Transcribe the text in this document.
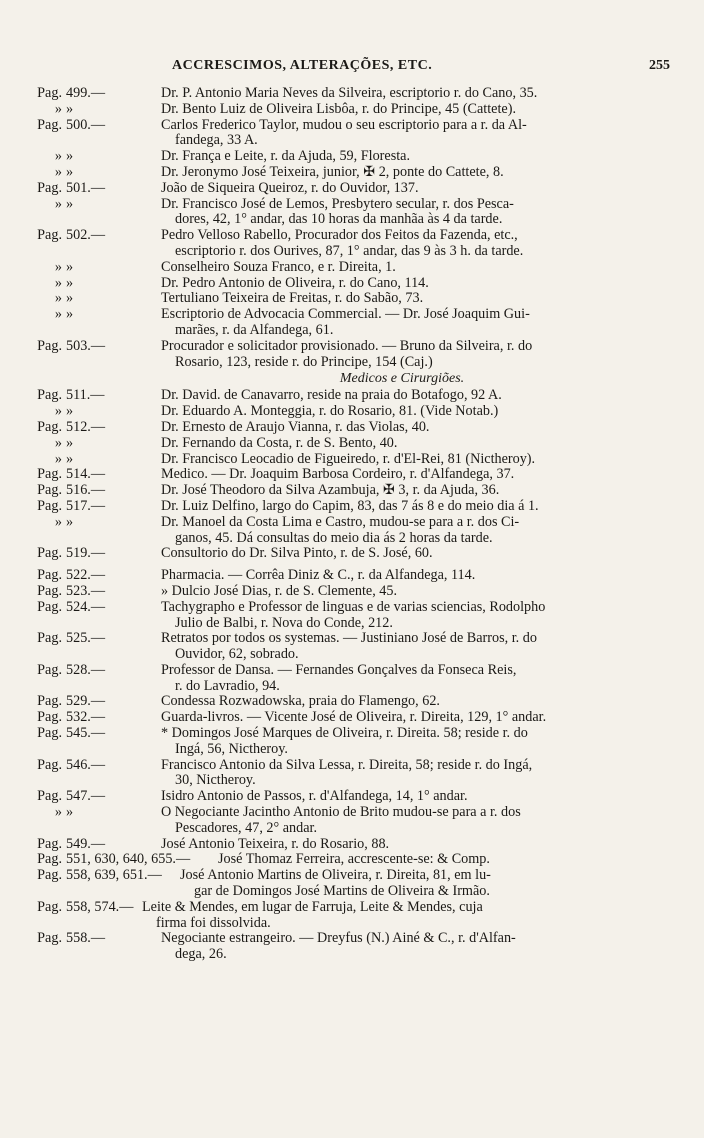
ACCRESCIMOS, ALTERAÇÕES, ETC.	255
Pag. 499.—	Dr. P. Antonio Maria Neves da Silveira, escriptorio r. do Cano, 35.
» »	Dr. Bento Luiz de Oliveira Lisbôa, r. do Principe, 45 (Cattete).
Pag. 500.—	Carlos Frederico Taylor, mudou o seu escriptorio para a r. da Al-
fandega, 33 A.
» »	Dr. França e Leite, r. da Ajuda, 59, Floresta.
» »	Dr. Jeronymo José Teixeira, junior, ✠ 2, ponte do Cattete, 8.
Pag. 501.—	João de Siqueira Queiroz, r. do Ouvidor, 137.
» »	Dr. Francisco José de Lemos, Presbytero secular, r. dos Pesca-
dores, 42, 1° andar, das 10 horas da manhãa às 4 da tarde.
Pag. 502.—	Pedro Velloso Rabello, Procurador dos Feitos da Fazenda, etc.,
escriptorio r. dos Ourives, 87, 1° andar, das 9 às 3 h. da tarde.
» »	Conselheiro Souza Franco, e r. Direita, 1.
» »	Dr. Pedro Antonio de Oliveira, r. do Cano, 114.
» »	Tertuliano Teixeira de Freitas, r. do Sabão, 73.
» »	Escriptorio de Advocacia Commercial. — Dr. José Joaquim Gui-
marães, r. da Alfandega, 61.
Pag. 503.—	Procurador e solicitador provisionado. — Bruno da Silveira, r. do
Rosario, 123, reside r. do Principe, 154 (Caj.)
Medicos e Cirurgiões.
Pag. 511.—	Dr. David. de Canavarro, reside na praia do Botafogo, 92 A.
» »	Dr. Eduardo A. Monteggia, r. do Rosario, 81. (Vide Notab.)
Pag. 512.—	Dr. Ernesto de Araujo Vianna, r. das Violas, 40.
» »	Dr. Fernando da Costa, r. de S. Bento, 40.
» »	Dr. Francisco Leocadio de Figueiredo, r. d'El-Rei, 81 (Nictheroy).
Pag. 514.—	Medico. — Dr. Joaquim Barbosa Cordeiro, r. d'Alfandega, 37.
Pag. 516.—	Dr. José Theodoro da Silva Azambuja, ✠ 3, r. da Ajuda, 36.
Pag. 517.—	Dr. Luiz Delfino, largo do Capim, 83, das 7 ás 8 e do meio dia á 1.
» »	Dr. Manoel da Costa Lima e Castro, mudou-se para a r. dos Ci-
ganos, 45. Dá consultas do meio dia ás 2 horas da tarde.
Pag. 519.—	Consultorio do Dr. Silva Pinto, r. de S. José, 60.
Pag. 522.—	Pharmacia. — Corrêa Diniz & C., r. da Alfandega, 114.
Pag. 523.—	» Dulcio José Dias, r. de S. Clemente, 45.
Pag. 524.—	Tachygrapho e Professor de linguas e de varias sciencias, Rodolpho
Julio de Balbi, r. Nova do Conde, 212.
Pag. 525.—	Retratos por todos os systemas. — Justiniano José de Barros, r. do
Ouvidor, 62, sobrado.
Pag. 528.—	Professor de Dansa. — Fernandes Gonçalves da Fonseca Reis,
r. do Lavradio, 94.
Pag. 529.—	Condessa Rozwadowska, praia do Flamengo, 62.
Pag. 532.—	Guarda-livros. — Vicente José de Oliveira, r. Direita, 129, 1° andar.
Pag. 545.—	* Domingos José Marques de Oliveira, r. Direita. 58; reside r. do
Ingá, 56, Nictheroy.
Pag. 546.—	Francisco Antonio da Silva Lessa, r. Direita, 58; reside r. do Ingá,
30, Nictheroy.
Pag. 547.—	Isidro Antonio de Passos, r. d'Alfandega, 14, 1° andar.
» »	O Negociante Jacintho Antonio de Brito mudou-se para a r. dos
Pescadores, 47, 2° andar.
Pag. 549.—	José Antonio Teixeira, r. do Rosario, 88.
Pag. 551, 630, 640, 655.—	José Thomaz Ferreira, accrescente-se: & Comp.
Pag. 558, 639, 651.—	José Antonio Martins de Oliveira, r. Direita, 81, em lu-
gar de Domingos José Martins de Oliveira & Irmão.
Pag. 558, 574.— Leite & Mendes, em lugar de Farruja, Leite & Mendes, cuja
firma foi dissolvida.
Pag. 558.—	Negociante estrangeiro. — Dreyfus (N.) Ainé & C., r. d'Alfan-
dega, 26.
